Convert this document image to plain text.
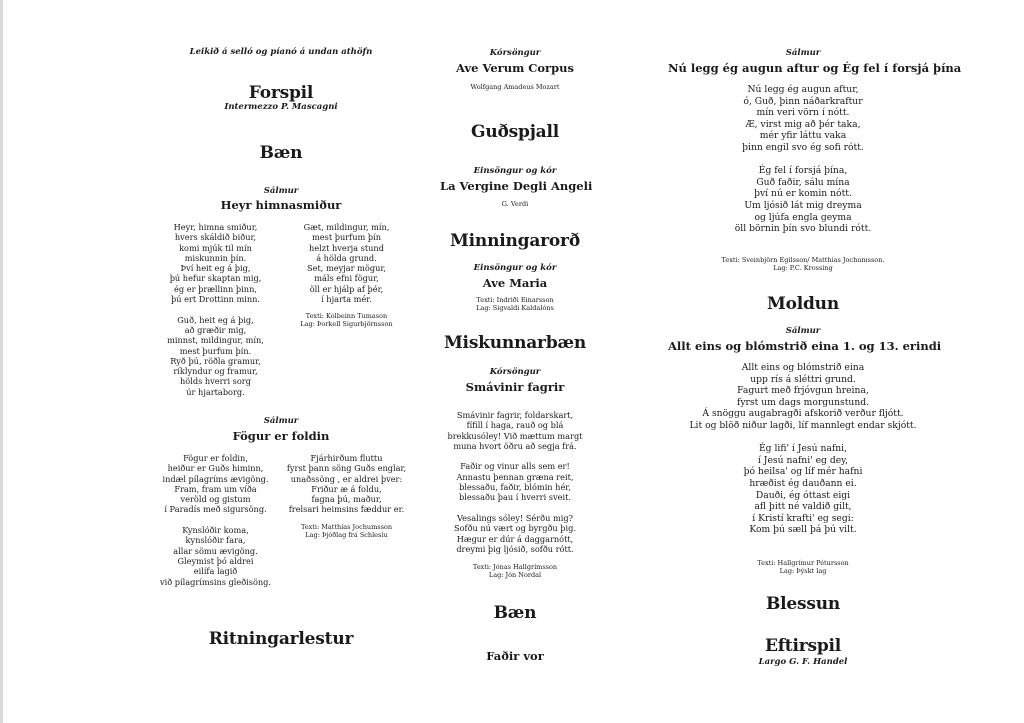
Leikið á selló og píanó á undan athöfn
Forspil
Intermezzo P. Mascagni
Bæn
Sálmur
Heyr himnasmiður
Heyr, himna smiður,
hvers skáldið biður,
komi mjúk til mín
miskunnin þín.
Því heit eg á þig,
þú hefur skaptan mig,
ég er þrællinn þinn,
þú ert Drottinn minn.

Guð, heit eg á þig,
að græðir mig,
minnst, mildingur, mín,
mest þurfum þín.
Ryð þú, röðla gramur,
ríklyndur og framur,
hölds hverri sorg
úr hjartaborg.
Gæt, mildingur, mín,
mest þurfum þín
helzt hverja stund
á hölda grund.
Set, meyjar mögur,
máls efni fögur,
öll er hjálp af þér,
í hjarta mér.
Texti: Kolbeinn Tumason
Lag: Þorkell Sigurbjörnsson
Sálmur
Fögur er foldin
Fögur er foldin,
heiður er Guðs himinn,
indæl pílagríms ævigöng.
Fram, fram um víða
veröld og gistum
í Paradís með sigursöng.

Kynslóðir koma,
kynslóðir fara,
allar sömu ævigöng.
Gleymist þó aldrei
eilífa lagið
við pílagrímsins gleðisöng.
Fjárhirðum fluttu
fyrst þann söng Guðs englar,
unaðssöng , er aldrei þver:
Friður æ á foldu,
fagna þú, maður,
frelsari heimsins fæddur er.
Texti: Matthías Jochumsson
Lag: Þjóðlag frá Schlesíu
Ritningarlestur
Kórsöngur
Ave Verum Corpus
Wolfgang Amadeus Mozart
Guðspjall
Einsöngur og kór
La Vergine Degli Angeli
G. Verdi
Minningarorð
Einsöngur og kór
Ave Maria
Texti: Indriði Einarsson
Lag: Sigvaldi Kaldalóns
Miskunnarbæn
Kórsöngur
Smávinir fagrir
Smávinir fagrir, foldarskart,
fífill í haga, rauð og blá
brekkusóley! Við mættum margt
muna hvort öðru að segja frá.

Faðir og vinur alls sem er!
Annastu þennan græna reit,
blessaðu, faðir, blómin hér,
blessaðu þau í hverri sveit.

Vesalings sóley! Sérðu mig?
Sofðu nú vært og byrgðu þig.
Hægur er dúr á daggarnótt,
dreymi þig ljósið, sofðu rótt.
Texti: Jónas Hallgrímsson
Lag: Jón Nordal
Bæn
Faðir vor
Sálmur
Nú legg ég augun aftur og Ég fel í forsjá þína
Nú legg ég augun aftur,
ó, Guð, þinn náðarkraftur
mín veri vörn í nótt.
Æ, virst mig að þér taka,
mér yfir láttu vaka
þinn engil svo ég sofi rótt.

Ég fel í forsjá þína,
Guð faðir, sálu mína
því nú er komin nótt.
Um ljósið lát mig dreyma
og ljúfa engla geyma
öll börnin þín svo blundi rótt.
Texti: Sveinbjörn Egilsson/ Matthías Jochumsson.
Lag: P.C. Krossing
Moldun
Sálmur
Allt eins og blómstrið eina 1. og 13. erindi
Allt eins og blómstrið eina
upp rís á sléttri grund.
Fagurt með frjóvgun hreina,
fyrst um dags morgunstund.
Á snöggu augabragði afskorið verður fljótt.
Lit og blöð niður lagði, líf mannlegt endar skjótt.

Ég lifi' í Jesú nafni,
í Jesú nafni' eg dey,
þó heilsa' og líf mér hafni
hræðist ég dauðann ei.
Dauði, ég óttast eigi
afl þitt né valdið gilt,
í Kristí krafti' eg segi:
Kom þú sæll þá þú vilt.
Texti: Hallgrímur Pétursson
Lag: Þýskt lag
Blessun
Eftirspil
Largo G. F. Handel
